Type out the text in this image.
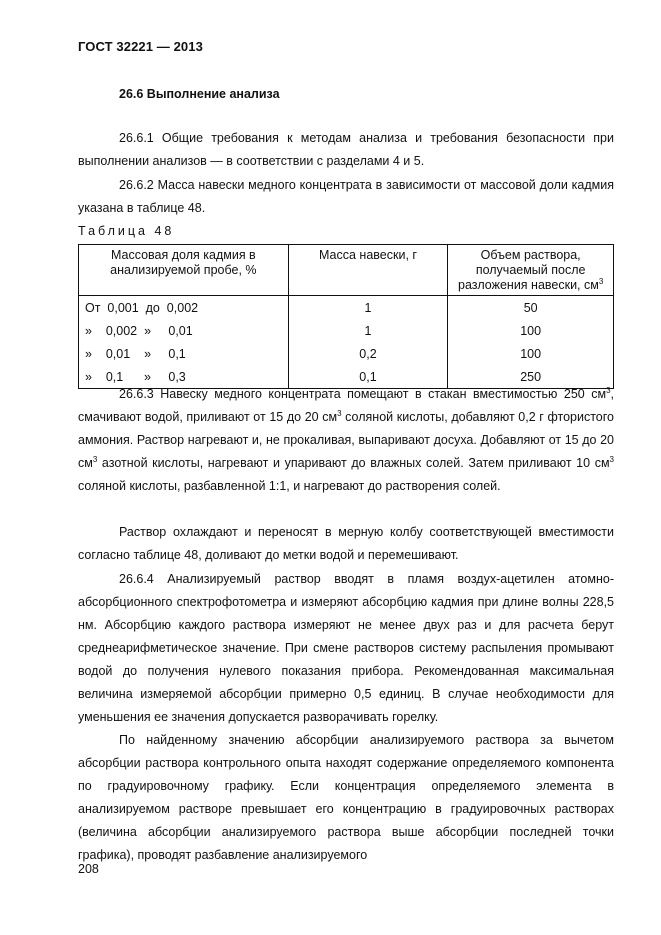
ГОСТ 32221 — 2013
26.6 Выполнение анализа
26.6.1 Общие требования к методам анализа и требования безопасности при выполнении анализов — в соответствии с разделами 4 и 5.
26.6.2 Масса навески медного концентрата в зависимости от массовой доли кадмия указана в таблице 48.
Таблица 48
Массовая доля кадмия в анализируемой пробе, %	Масса навески, г	Объем раствора, получаемый после разложения навески, $см^3$
От  0,001  до  0,002	1	50
»    0,002  »     0,01	1	100
»    0,01    »     0,1	0,2	100
»    0,1      »     0,3	0,1	250
26.6.3 Навеску медного концентрата помещают в стакан вместимостью 250 $см^3$, смачивают водой, приливают от 15 до 20 $см^3$ соляной кислоты, добавляют 0,2 г фтористого аммония. Раствор нагревают и, не прокаливая, выпаривают досуха. Добавляют от 15 до 20 $см^3$ азотной кислоты, нагревают и упаривают до влажных солей. Затем приливают 10 $см^3$ соляной кислоты, разбавленной 1:1, и нагревают до растворения солей.
Раствор охлаждают и переносят в мерную колбу соответствующей вместимости согласно таблице 48, доливают до метки водой и перемешивают.
26.6.4 Анализируемый раствор вводят в пламя воздух-ацетилен атомно-абсорбционного спектрофотометра и измеряют абсорбцию кадмия при длине волны 228,5 нм. Абсорбцию каждого раствора измеряют не менее двух раз и для расчета берут среднеарифметическое значение. При смене растворов систему распыления промывают водой до получения нулевого показания прибора. Рекомендованная максимальная величина измеряемой абсорбции примерно 0,5 единиц. В случае необходимости для уменьшения ее значения допускается разворачивать горелку.
По найденному значению абсорбции анализируемого раствора за вычетом абсорбции раствора контрольного опыта находят содержание определяемого компонента по градуировочному графику. Если концентрация определяемого элемента в анализируемом растворе превышает его концентрацию в градуировочных растворах (величина абсорбции анализируемого раствора выше абсорбции последней точки графика), проводят разбавление анализируемого
208
